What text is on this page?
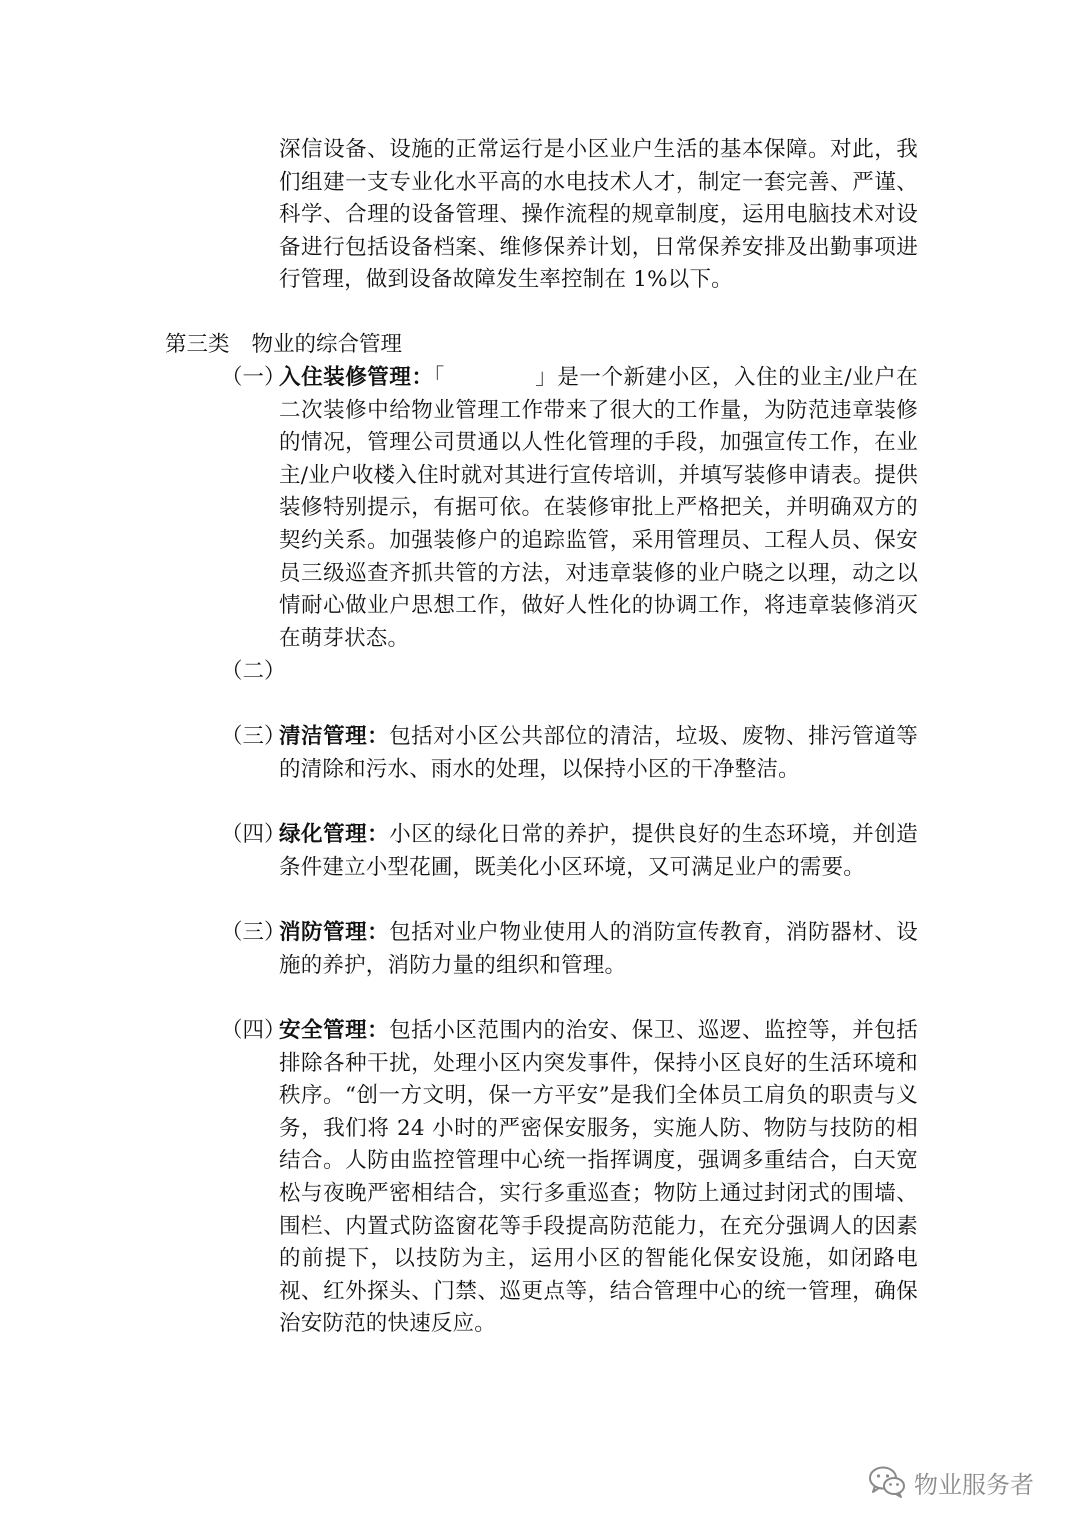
深信设备、设施的正常运行是小区业户生活的基本保障。对此，我们组建一支专业化水平高的水电技术人才，制定一套完善、严谨、科学、合理的设备管理、操作流程的规章制度，运用电脑技术对设备进行包括设备档案、维修保养计划，日常保养安排及出勤事项进行管理，做到设备故障发生率控制在 1%以下。
第三类 物业的综合管理
（一）
入住装修管理：「	」是一个新建小区，入住的业主/业户在二次装修中给物业管理工作带来了很大的工作量，为防范违章装修的情况，管理公司贯通以人性化管理的手段，加强宣传工作，在业主/业户收楼入住时就对其进行宣传培训，并填写装修申请表。提供装修特别提示，有据可依。在装修审批上严格把关，并明确双方的契约关系。加强装修户的追踪监管，采用管理员、工程人员、保安员三级巡查齐抓共管的方法，对违章装修的业户晓之以理，动之以情耐心做业户思想工作，做好人性化的协调工作，将违章装修消灭在萌芽状态。
（二）
（三）
清洁管理：包括对小区公共部位的清洁，垃圾、废物、排污管道等的清除和污水、雨水的处理，以保持小区的干净整洁。
（四）
绿化管理：小区的绿化日常的养护，提供良好的生态环境，并创造条件建立小型花圃，既美化小区环境，又可满足业户的需要。
（三）
消防管理：包括对业户物业使用人的消防宣传教育，消防器材、设施的养护，消防力量的组织和管理。
（四）
安全管理：包括小区范围内的治安、保卫、巡逻、监控等，并包括排除各种干扰，处理小区内突发事件，保持小区良好的生活环境和秩序。“创一方文明，保一方平安”是我们全体员工肩负的职责与义务，我们将 24 小时的严密保安服务，实施人防、物防与技防的相结合。人防由监控管理中心统一指挥调度，强调多重结合，白天宽松与夜晚严密相结合，实行多重巡查；物防上通过封闭式的围墙、围栏、内置式防盗窗花等手段提高防范能力，在充分强调人的因素的前提下，以技防为主，运用小区的智能化保安设施，如闭路电视、红外探头、门禁、巡更点等，结合管理中心的统一管理，确保治安防范的快速反应。
物业服务者
